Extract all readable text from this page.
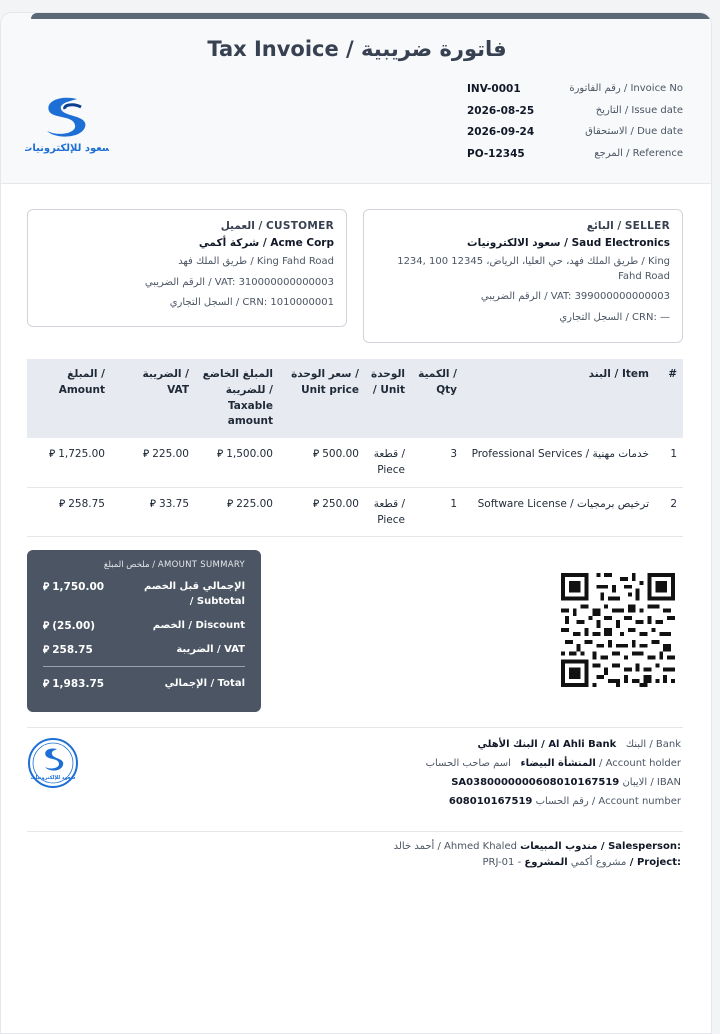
Tax Invoice / فاتورة ضريبية
سعود للإلكترونيات
INV-0001	رقم الفاتورة / Invoice No
2026-08-25	التاريخ / Issue date
2026-09-24	الاستحقاق / Due date
PO-12345	المرجع / Reference
البائع / SELLER
سعود الالكترونيات / Saud Electronics
1234, 100 طريق الملك فهد، حي العليا، الرياض، 12345 / King Fahd Road
الرقم الضريبي / VAT: 399000000000003
السجل التجاري / CRN: —
العميل / CUSTOMER
شركة أكمي / Acme Corp
طريق الملك فهد / King Fahd Road
الرقم الضريبي / VAT: 310000000000003
السجل التجاري / CRN: 1010000001
المبلغ / Amount	الضريبة / VAT	المبلغ الخاضع للضريبة / Taxable amount	سعر الوحدة / Unit price	الوحدة / Unit	الكمية / Qty	البند / Item	#
⃁ 1,725.00	⃁ 225.00	⃁ 1,500.00	⃁ 500.00	قطعة / Piece	3	Professional Services / خدمات مهنية	1
⃁ 258.75	⃁ 33.75	⃁ 225.00	⃁ 250.00	قطعة / Piece	1	Software License / ترخيص برمجيات	2
ملخص المبلغ / AMOUNT SUMMARY
⃁ 1,750.00	الإجمالي قبل الخصم / Subtotal
⃁ (25.00)	الخصم / Discount
⃁ 258.75	الضريبة / VAT
⃁ 1,983.75	الإجمالي / Total
سعود للإلكترونيات
البنك الأهلي / Al Ahli Bank البنك / Bank
المنشأة البيضاء   اسم صاحب الحساب / Account holder
SA0380000000608010167519 الايبان / IBAN
608010167519 رقم الحساب / Account number
أحمد خالد / Ahmed Khaled مندوب المبيعات / Salesperson:
PRJ-01 - مشروع أكمي المشروع / Project:
